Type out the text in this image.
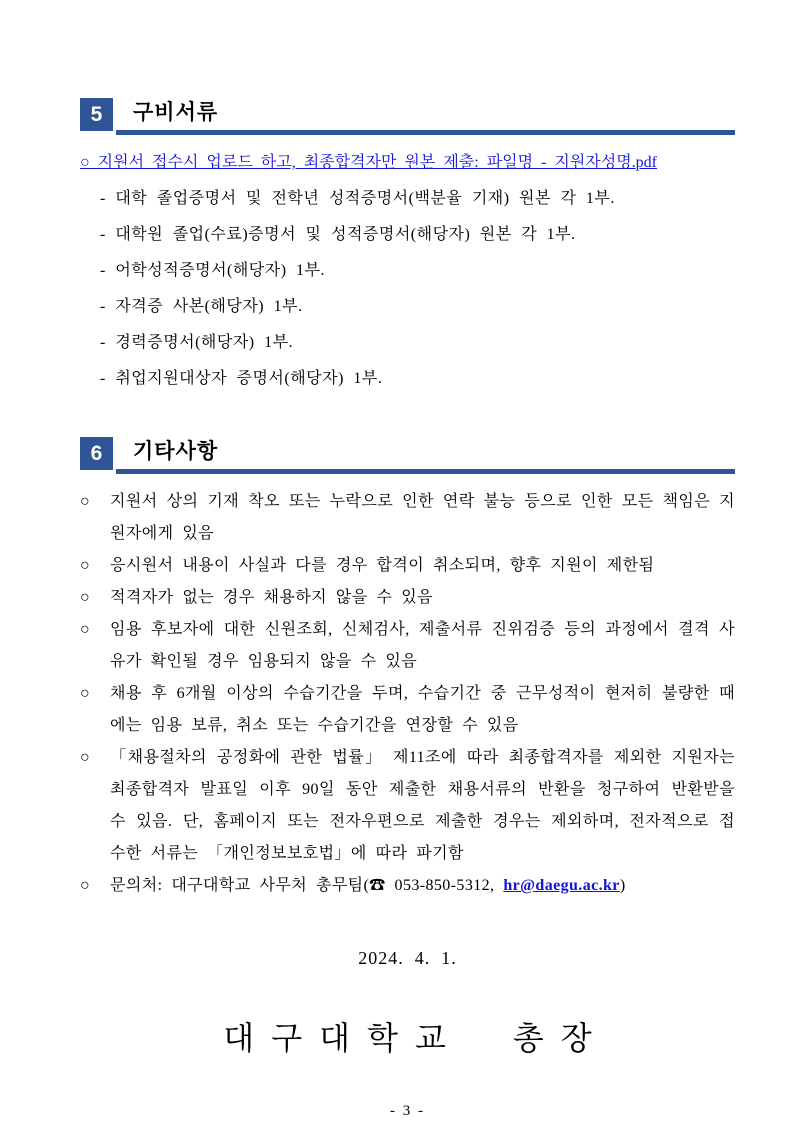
5	구비서류
○ 지원서 접수시 업로드 하고, 최종합격자만 원본 제출: 파일명 - 지원자성명.pdf
- 대학 졸업증명서 및 전학년 성적증명서(백분율 기재) 원본 각 1부.
- 대학원 졸업(수료)증명서 및 성적증명서(해당자) 원본 각 1부.
- 어학성적증명서(해당자) 1부.
- 자격증 사본(해당자) 1부.
- 경력증명서(해당자) 1부.
- 취업지원대상자 증명서(해당자) 1부.
6	기타사항
○	지원서 상의 기재 착오 또는 누락으로 인한 연락 불능 등으로 인한 모든 책임은 지원자에게 있음
○	응시원서 내용이 사실과 다를 경우 합격이 취소되며, 향후 지원이 제한됨
○	적격자가 없는 경우 채용하지 않을 수 있음
○	임용 후보자에 대한 신원조회, 신체검사, 제출서류 진위검증 등의 과정에서 결격 사유가 확인될 경우 임용되지 않을 수 있음
○	채용 후 6개월 이상의 수습기간을 두며, 수습기간 중 근무성적이 현저히 불량한 때에는 임용 보류, 취소 또는 수습기간을 연장할 수 있음
○	「채용절차의 공정화에 관한 법률」 제11조에 따라 최종합격자를 제외한 지원자는 최종합격자 발표일 이후 90일 동안 제출한 채용서류의 반환을 청구하여 반환받을 수 있음. 단, 홈페이지 또는 전자우편으로 제출한 경우는 제외하며, 전자적으로 접수한 서류는 「개인정보보호법」에 따라 파기함
○	문의처: 대구대학교 사무처 총무팀(☎ 053-850-5312, hr@daegu.ac.kr)
2024.  4.  1.
대구대학교  총장
- 3 -
